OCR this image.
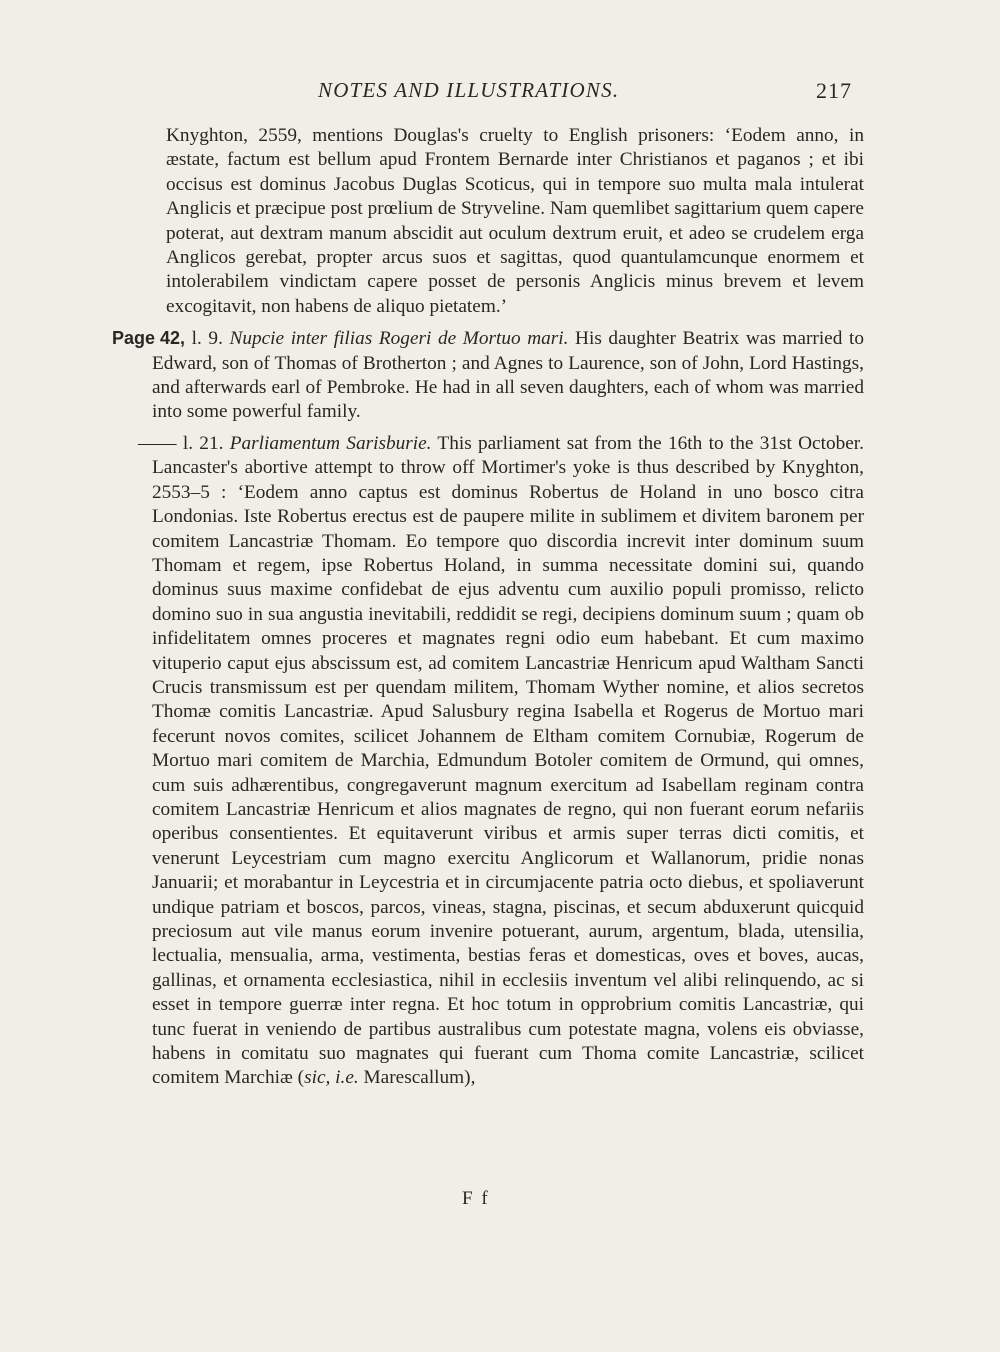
NOTES AND ILLUSTRATIONS.	217

Knyghton, 2559, mentions Douglas's cruelty to English prisoners: ‘Eodem anno, in æstate, factum est bellum apud Frontem Bernarde inter Christianos et paganos ; et ibi occisus est dominus Jacobus Duglas Scoticus, qui in tempore suo multa mala intulerat Anglicis et præcipue post prœlium de Stryveline. Nam quemlibet sagittarium quem capere poterat, aut dextram manum abscidit aut oculum dextrum eruit, et adeo se crudelem erga Anglicos gerebat, propter arcus suos et sagittas, quod quantulamcunque enormem et intolerabilem vindictam capere posset de personis Anglicis minus brevem et levem excogitavit, non habens de aliquo pietatem.’

Page 42, l. 9. Nupcie inter filias Rogeri de Mortuo mari. His daughter Beatrix was married to Edward, son of Thomas of Brotherton ; and Agnes to Laurence, son of John, Lord Hastings, and afterwards earl of Pembroke. He had in all seven daughters, each of whom was married into some powerful family.

—— l. 21. Parliamentum Sarisburie. This parliament sat from the 16th to the 31st October. Lancaster's abortive attempt to throw off Mortimer's yoke is thus described by Knyghton, 2553–5 : ‘Eodem anno captus est dominus Robertus de Holand in uno bosco citra Londonias. Iste Robertus erectus est de paupere milite in sublimem et divitem baronem per comitem Lancastriæ Thomam. Eo tempore quo discordia increvit inter dominum suum Thomam et regem, ipse Robertus Holand, in summa necessitate domini sui, quando dominus suus maxime confidebat de ejus adventu cum auxilio populi promisso, relicto domino suo in sua angustia inevitabili, reddidit se regi, decipiens dominum suum ; quam ob infidelitatem omnes proceres et magnates regni odio eum habebant. Et cum maximo vituperio caput ejus abscissum est, ad comitem Lancastriæ Henricum apud Waltham Sancti Crucis transmissum est per quendam militem, Thomam Wyther nomine, et alios secretos Thomæ comitis Lancastriæ. Apud Salusbury regina Isabella et Rogerus de Mortuo mari fecerunt novos comites, scilicet Johannem de Eltham comitem Cornubiæ, Rogerum de Mortuo mari comitem de Marchia, Edmundum Botoler comitem de Ormund, qui omnes, cum suis adhærentibus, congregaverunt magnum exercitum ad Isabellam reginam contra comitem Lancastriæ Henricum et alios magnates de regno, qui non fuerant eorum nefariis operibus consentientes. Et equitaverunt viribus et armis super terras dicti comitis, et venerunt Leycestriam cum magno exercitu Anglicorum et Wallanorum, pridie nonas Januarii; et morabantur in Leycestria et in circumjacente patria octo diebus, et spoliaverunt undique patriam et boscos, parcos, vineas, stagna, piscinas, et secum abduxerunt quicquid preciosum aut vile manus eorum invenire potuerant, aurum, argentum, blada, utensilia, lectualia, mensualia, arma, vestimenta, bestias feras et domesticas, oves et boves, aucas, gallinas, et ornamenta ecclesiastica, nihil in ecclesiis inventum vel alibi relinquendo, ac si esset in tempore guerræ inter regna. Et hoc totum in opprobrium comitis Lancastriæ, qui tunc fuerat in veniendo de partibus australibus cum potestate magna, volens eis obviasse, habens in comitatu suo magnates qui fuerant cum Thoma comite Lancastriæ, scilicet comitem Marchiæ (sic, i.e. Marescallum),

F f
